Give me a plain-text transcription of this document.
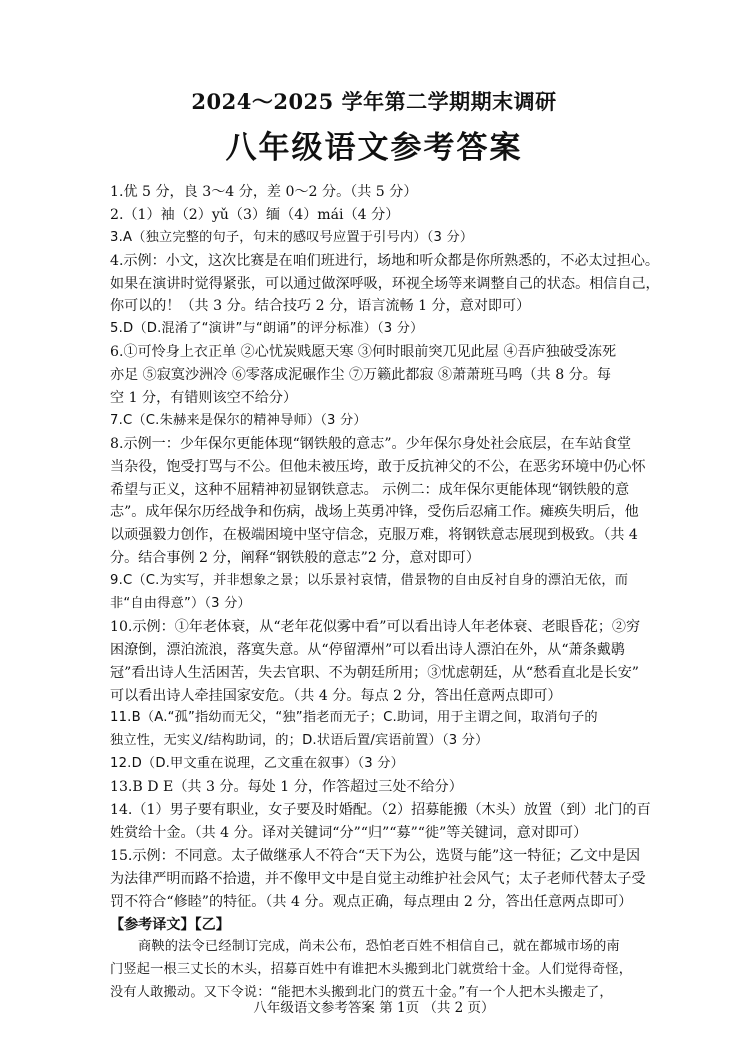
2024～2025 学年第二学期期末调研
八年级语文参考答案
1.优 5 分，良 3～4 分，差 0～2 分。（共 5 分）
2.（1）袖（2）yǔ（3）缅（4）mái（4 分）
3.A（独立完整的句子，句末的感叹号应置于引号内）（3 分）
4.示例：小文，这次比赛是在咱们班进行，场地和听众都是你所熟悉的，不必太过担心。
如果在演讲时觉得紧张，可以通过做深呼吸，环视全场等来调整自己的状态。相信自己，
你可以的！（共 3 分。结合技巧 2 分，语言流畅 1 分，意对即可）
5.D（D.混淆了“演讲”与“朗诵”的评分标准）（3 分）
6.①可怜身上衣正单 ②心忧炭贱愿天寒 ③何时眼前突兀见此屋 ④吾庐独破受冻死
亦足 ⑤寂寞沙洲冷 ⑥零落成泥碾作尘 ⑦万籁此都寂 ⑧萧萧班马鸣（共 8 分。每
空 1 分，有错则该空不给分）
7.C（C.朱赫来是保尔的精神导师）（3 分）
8.示例一：少年保尔更能体现“钢铁般的意志”。少年保尔身处社会底层，在车站食堂
当杂役，饱受打骂与不公。但他未被压垮，敢于反抗神父的不公，在恶劣环境中仍心怀
希望与正义，这种不屈精神初显钢铁意志。 示例二：成年保尔更能体现“钢铁般的意
志”。成年保尔历经战争和伤病，战场上英勇冲锋，受伤后忍痛工作。瘫痪失明后，他
以顽强毅力创作，在极端困境中坚守信念，克服万难，将钢铁意志展现到极致。（共 4
分。结合事例 2 分，阐释“钢铁般的意志”2 分，意对即可）
9.C（C.为实写，并非想象之景；以乐景衬哀情，借景物的自由反衬自身的漂泊无依，而
非“自由得意”）（3 分）
10.示例：①年老体衰，从“老年花似雾中看”可以看出诗人年老体衰、老眼昏花；②穷
困潦倒，漂泊流浪，落寞失意。从“停留潭州”可以看出诗人漂泊在外，从“萧条戴鹖
冠”看出诗人生活困苦，失去官职、不为朝廷所用；③忧虑朝廷，从“愁看直北是长安”
可以看出诗人牵挂国家安危。（共 4 分。每点 2 分，答出任意两点即可）
11.B（A.“孤”指幼而无父，“独”指老而无子；C.助词，用于主谓之间，取消句子的
独立性，无实义/结构助词，的；D.状语后置/宾语前置）（3 分）
12.D（D.甲文重在说理，乙文重在叙事）（3 分）
13.B D E（共 3 分。每处 1 分，作答超过三处不给分）
14.（1）男子要有职业，女子要及时婚配。（2）招募能搬（木头）放置（到）北门的百
姓赏给十金。（共 4 分。译对关键词“分”“归”“募”“徙”等关键词，意对即可）
15.示例：不同意。太子做继承人不符合“天下为公，选贤与能”这一特征；乙文中是因
为法律严明而路不拾遗，并不像甲文中是自觉主动维护社会风气；太子老师代替太子受
罚不符合“修睦”的特征。（共 4 分。观点正确，每点理由 2 分，答出任意两点即可）
【参考译文】【乙】
商鞅的法令已经制订完成，尚未公布，恐怕老百姓不相信自己，就在都城市场的南
门竖起一根三丈长的木头，招募百姓中有谁把木头搬到北门就赏给十金。人们觉得奇怪，
没有人敢搬动。又下令说：“能把木头搬到北门的赏五十金。”有一个人把木头搬走了，
八年级语文参考答案 第 1页 （共 2 页）
